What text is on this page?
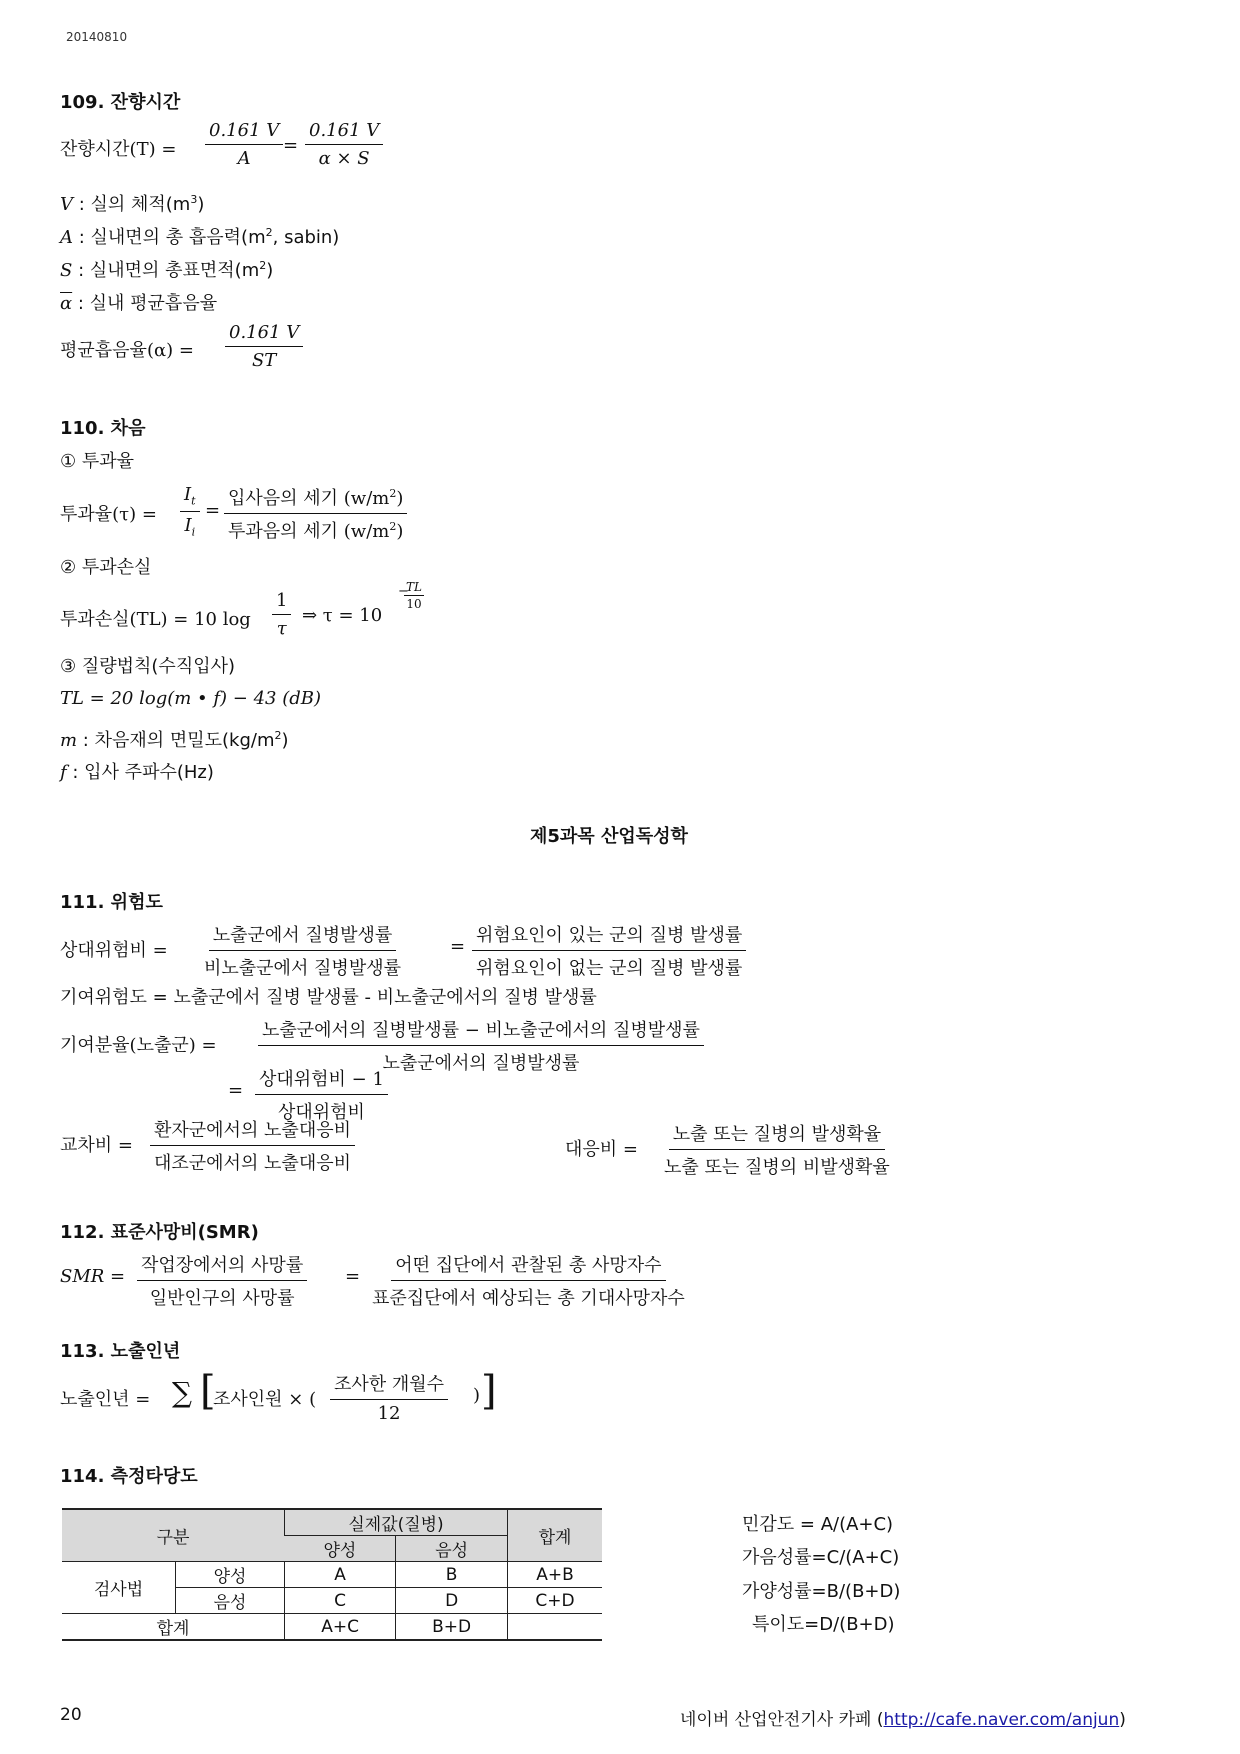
20140810
109. 잔향시간
잔향시간$(T) = \frac{0.161 V}{A} = \frac{0.161 V}{\alpha \times S}$
V : 실의 체적$(m^3)$
A : 실내면의 총 흡음력($m^2$, sabin)
S : 실내면의 총표면적$(m^2)$
$\overline{\alpha}$ : 실내 평균흡음율
평균흡음율$(\alpha) = \frac{0.161 V}{ST}$
110. 차음
① 투과율
투과율$(\tau) = \frac{I_t}{I_i}$ =
입사음의 세기 $(w/m^2)$
투과음의 세기 $(w/m^2)$
② 투과손실
투과손실(TL) = 10 $\log \frac{1}{\tau}$ ⇒ τ = 10
−
$\frac{TL}{10}$
③ 질량법칙(수직입사)
TL = 20 log(m • f) − 43 (dB)
m : 차음재의 면밀도$(kg/m^2)$
f : 입사 주파수(Hz)
제5과목 산업독성학
111. 위험도
상대위험비 =
노출군에서 질병발생률
비노출군에서 질병발생률
=
위험요인이 있는 군의 질병 발생률
위험요인이 없는 군의 질병 발생률
기여위험도 = 노출군에서 질병 발생률 - 비노출군에서의 질병 발생률
기여분율(노출군) =
노출군에서의 질병발생률 − 비노출군에서의 질병발생률
노출군에서의 질병발생률
=
상대위험비 − 1
상대위험비
교차비 =
환자군에서의 노출대응비
대조군에서의 노출대응비
대응비 =
노출 또는 질병의 발생확율
노출 또는 질병의 비발생확율
112. 표준사망비(SMR)
SMR =
작업장에서의 사망률
일반인구의 사망률
=
어떤 집단에서 관찰된 총 사망자수
표준집단에서 예상되는 총 기대사망자수
113. 노출인년
노출인년 = ∑ [
조사인원 × (
조사한 개월수
12
) ]
114. 측정타당도
구분		실제값(질병)		합계
		양성	음성	
검사법	양성	A	B	A+B
	음성	C	D	C+D
합계		A+C	B+D	
민감도 = A/(A+C)
가음성률=C/(A+C)
가양성률=B/(B+D)
특이도=D/(B+D)
20	네이버 산업안전기사 카페 (http://cafe.naver.com/anjun)
